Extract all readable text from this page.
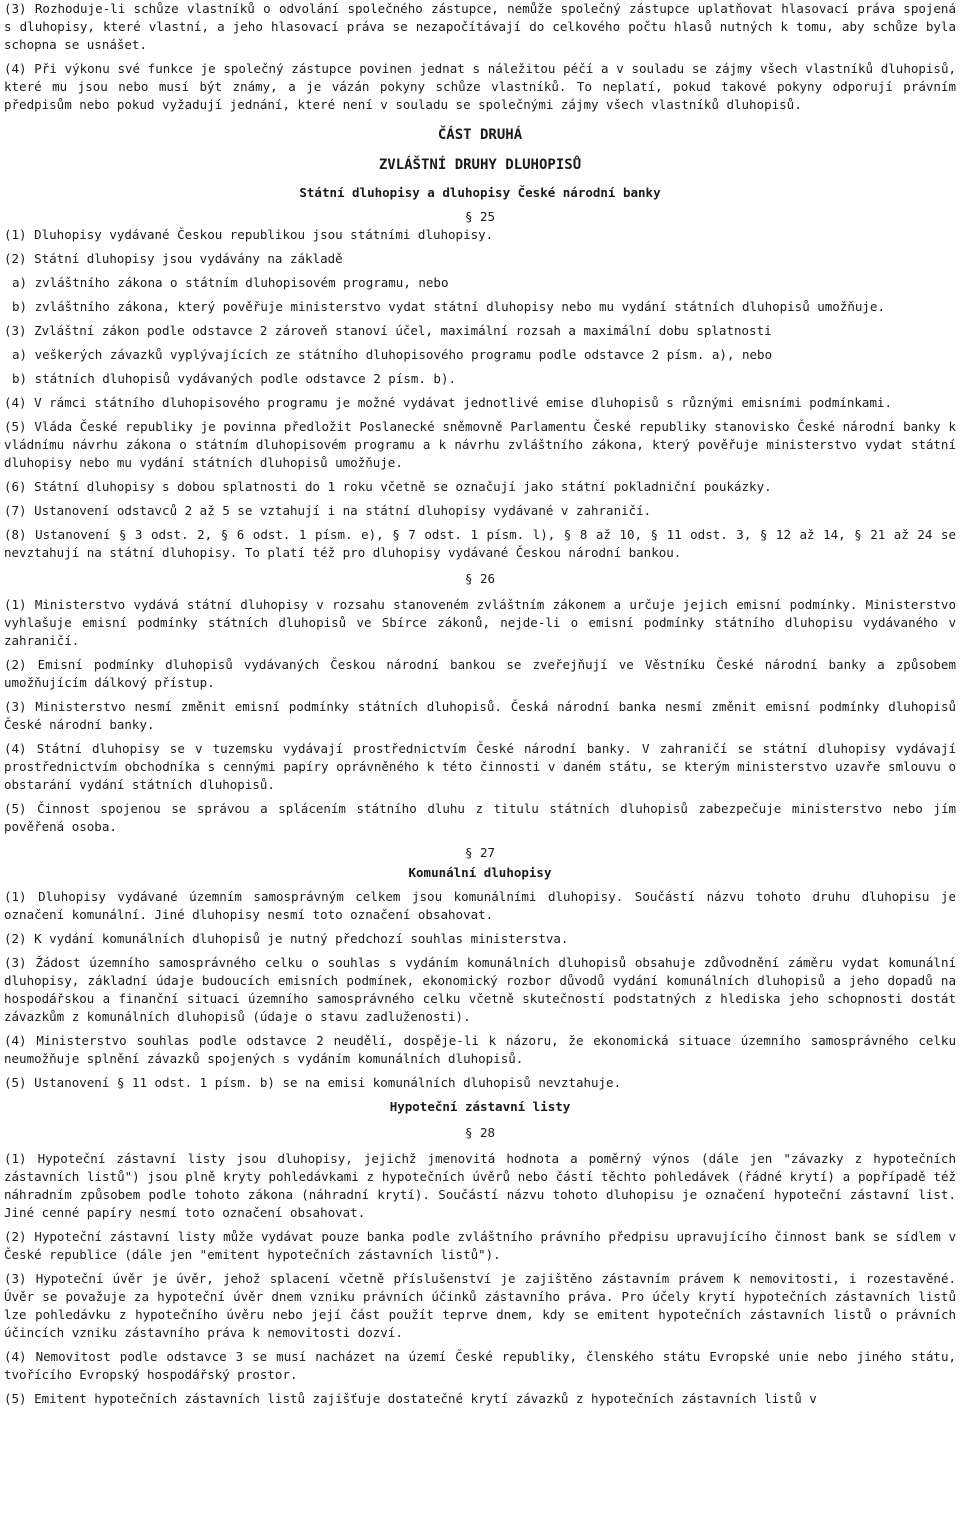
(3) Rozhoduje-li schůze vlastníků o odvolání společného zástupce, nemůže společný zástupce uplatňovat hlasovací práva spojená s dluhopisy, které vlastní, a jeho hlasovací práva se nezapočítávají do celkového počtu hlasů nutných k tomu, aby schůze byla schopna se usnášet.

(4) Při výkonu své funkce je společný zástupce povinen jednat s náležitou péčí a v souladu se zájmy všech vlastníků dluhopisů, které mu jsou nebo musí být známy, a je vázán pokyny schůze vlastníků. To neplatí, pokud takové pokyny odporují právním předpisům nebo pokud vyžadují jednání, které není v souladu se společnými zájmy všech vlastníků dluhopisů.

ČÁST DRUHÁ

ZVLÁŠTNÍ DRUHY DLUHOPISŮ

Státní dluhopisy a dluhopisy České národní banky

§ 25

(1) Dluhopisy vydávané Českou republikou jsou státními dluhopisy.

(2) Státní dluhopisy jsou vydávány na základě

a) zvláštního zákona o státním dluhopisovém programu, nebo

b) zvláštního zákona, který pověřuje ministerstvo vydat státní dluhopisy nebo mu vydání státních dluhopisů umožňuje.

(3) Zvláštní zákon podle odstavce 2 zároveň stanoví účel, maximální rozsah a maximální dobu splatnosti

a) veškerých závazků vyplývajících ze státního dluhopisového programu podle odstavce 2 písm. a), nebo

b) státních dluhopisů vydávaných podle odstavce 2 písm. b).

(4) V rámci státního dluhopisového programu je možné vydávat jednotlivé emise dluhopisů s různými emisními podmínkami.

(5) Vláda České republiky je povinna předložit Poslanecké sněmovně Parlamentu České republiky stanovisko České národní banky k vládnímu návrhu zákona o státním dluhopisovém programu a k návrhu zvláštního zákona, který pověřuje ministerstvo vydat státní dluhopisy nebo mu vydání státních dluhopisů umožňuje.

(6) Státní dluhopisy s dobou splatnosti do 1 roku včetně se označují jako státní pokladniční poukázky.

(7) Ustanovení odstavců 2 až 5 se vztahují i na státní dluhopisy vydávané v zahraničí.

(8) Ustanovení § 3 odst. 2, § 6 odst. 1 písm. e), § 7 odst. 1 písm. l), § 8 až 10, § 11 odst. 3, § 12 až 14, § 21 až 24 se nevztahují na státní dluhopisy. To platí též pro dluhopisy vydávané Českou národní bankou.

§ 26

(1) Ministerstvo vydává státní dluhopisy v rozsahu stanoveném zvláštním zákonem a určuje jejich emisní podmínky. Ministerstvo vyhlašuje emisní podmínky státních dluhopisů ve Sbírce zákonů, nejde-li o emisní podmínky státního dluhopisu vydávaného v zahraničí.

(2) Emisní podmínky dluhopisů vydávaných Českou národní bankou se zveřejňují ve Věstníku České národní banky a způsobem umožňujícím dálkový přístup.

(3) Ministerstvo nesmí změnit emisní podmínky státních dluhopisů. Česká národní banka nesmí změnit emisní podmínky dluhopisů České národní banky.

(4) Státní dluhopisy se v tuzemsku vydávají prostřednictvím České národní banky. V zahraničí se státní dluhopisy vydávají prostřednictvím obchodníka s cennými papíry oprávněného k této činnosti v daném státu, se kterým ministerstvo uzavře smlouvu o obstarání vydání státních dluhopisů.

(5) Činnost spojenou se správou a splácením státního dluhu z titulu státních dluhopisů zabezpečuje ministerstvo nebo jím pověřená osoba.

§ 27

Komunální dluhopisy

(1) Dluhopisy vydávané územním samosprávným celkem jsou komunálními dluhopisy. Součástí názvu tohoto druhu dluhopisu je označení komunální. Jiné dluhopisy nesmí toto označení obsahovat.

(2) K vydání komunálních dluhopisů je nutný předchozí souhlas ministerstva.

(3) Žádost územního samosprávného celku o souhlas s vydáním komunálních dluhopisů obsahuje zdůvodnění záměru vydat komunální dluhopisy, základní údaje budoucích emisních podmínek, ekonomický rozbor důvodů vydání komunálních dluhopisů a jeho dopadů na hospodářskou a finanční situaci územního samosprávného celku včetně skutečností podstatných z hlediska jeho schopnosti dostát závazkům z komunálních dluhopisů (údaje o stavu zadluženosti).

(4) Ministerstvo souhlas podle odstavce 2 neudělí, dospěje-li k názoru, že ekonomická situace územního samosprávného celku neumožňuje splnění závazků spojených s vydáním komunálních dluhopisů.

(5) Ustanovení § 11 odst. 1 písm. b) se na emisi komunálních dluhopisů nevztahuje.

Hypoteční zástavní listy

§ 28

(1) Hypoteční zástavní listy jsou dluhopisy, jejichž jmenovitá hodnota a poměrný výnos (dále jen "závazky z hypotečních zástavních listů") jsou plně kryty pohledávkami z hypotečních úvěrů nebo částí těchto pohledávek (řádné krytí) a popřípadě též náhradním způsobem podle tohoto zákona (náhradní krytí). Součástí názvu tohoto dluhopisu je označení hypoteční zástavní list. Jiné cenné papíry nesmí toto označení obsahovat.

(2) Hypoteční zástavní listy může vydávat pouze banka podle zvláštního právního předpisu upravujícího činnost bank se sídlem v České republice (dále jen "emitent hypotečních zástavních listů").

(3) Hypoteční úvěr je úvěr, jehož splacení včetně příslušenství je zajištěno zástavním právem k nemovitosti, i rozestavěné. Úvěr se považuje za hypoteční úvěr dnem vzniku právních účinků zástavního práva. Pro účely krytí hypotečních zástavních listů lze pohledávku z hypotečního úvěru nebo její část použít teprve dnem, kdy se emitent hypotečních zástavních listů o právních účincích vzniku zástavního práva k nemovitosti dozví.

(4) Nemovitost podle odstavce 3 se musí nacházet na území České republiky, členského státu Evropské unie nebo jiného státu, tvořícího Evropský hospodářský prostor.

(5) Emitent hypotečních zástavních listů zajišťuje dostatečné krytí závazků z hypotečních zástavních listů v
